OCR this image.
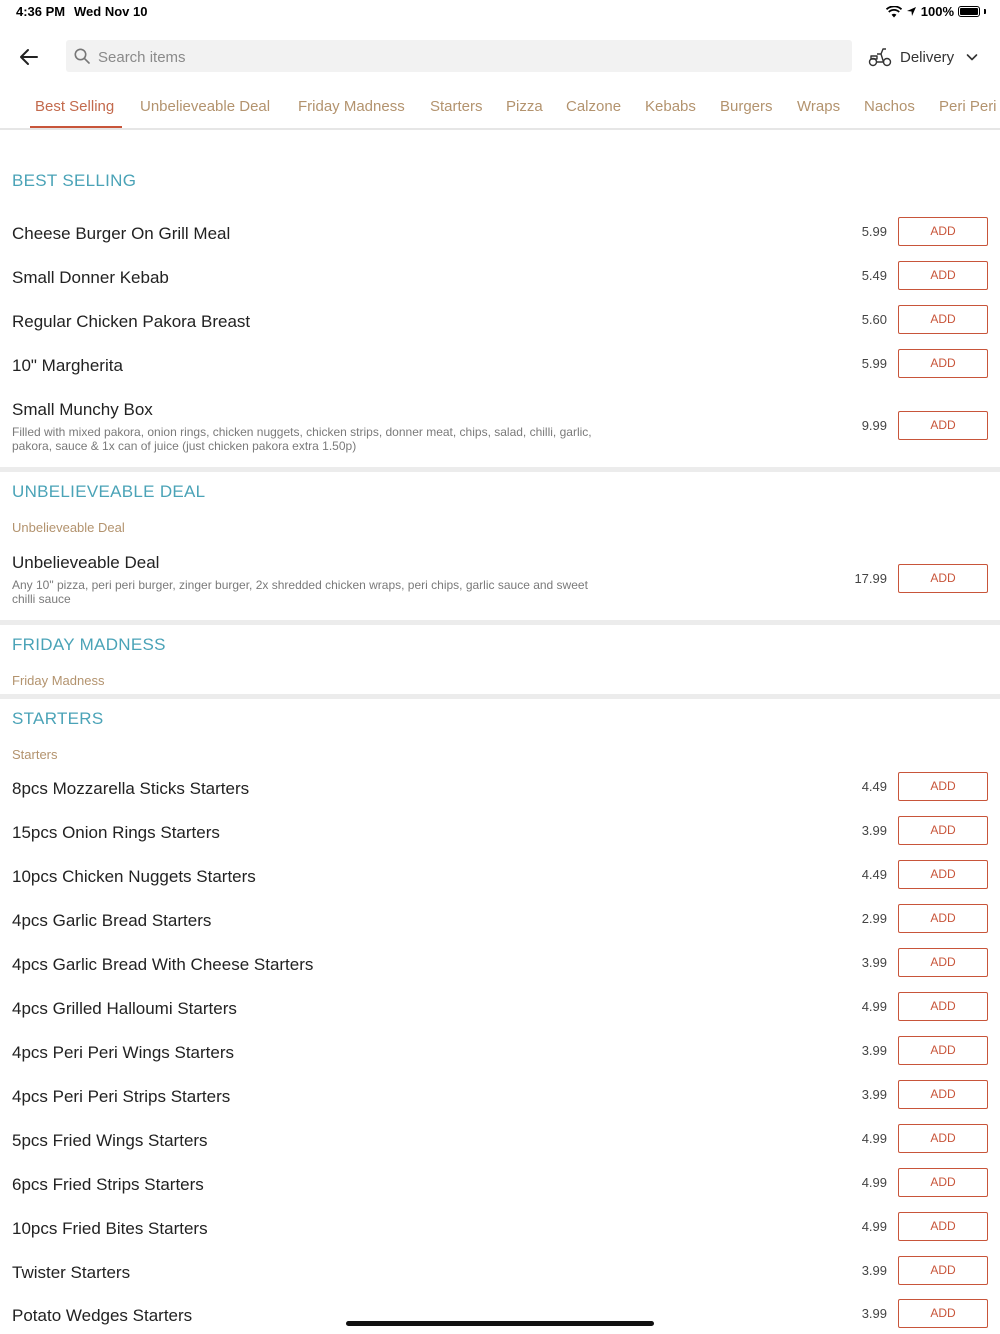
4:36 PM Wed Nov 10	100%
Search items
Delivery
Best Selling Unbelieveable Deal Friday Madness Starters Pizza Calzone Kebabs Burgers Wraps Nachos Peri Peri
BEST SELLING
Cheese Burger On Grill Meal	5.99	ADD
Small Donner Kebab	5.49	ADD
Regular Chicken Pakora Breast	5.60	ADD
10" Margherita	5.99	ADD
Small Munchy Box
Filled with mixed pakora, onion rings, chicken nuggets, chicken strips, donner meat, chips, salad, chilli, garlic, pakora, sauce & 1x can of juice (just chicken pakora extra 1.50p)
9.99	ADD
UNBELIEVEABLE DEAL
Unbelieveable Deal
Unbelieveable Deal
Any 10" pizza, peri peri burger, zinger burger, 2x shredded chicken wraps, peri chips, garlic sauce and sweet chilli sauce
17.99	ADD
FRIDAY MADNESS
Friday Madness
STARTERS
Starters
8pcs Mozzarella Sticks Starters	4.49	ADD
15pcs Onion Rings Starters	3.99	ADD
10pcs Chicken Nuggets Starters	4.49	ADD
4pcs Garlic Bread Starters	2.99	ADD
4pcs Garlic Bread With Cheese Starters	3.99	ADD
4pcs Grilled Halloumi Starters	4.99	ADD
4pcs Peri Peri Wings Starters	3.99	ADD
4pcs Peri Peri Strips Starters	3.99	ADD
5pcs Fried Wings Starters	4.99	ADD
6pcs Fried Strips Starters	4.99	ADD
10pcs Fried Bites Starters	4.99	ADD
Twister Starters	3.99	ADD
Potato Wedges Starters	3.99	ADD
